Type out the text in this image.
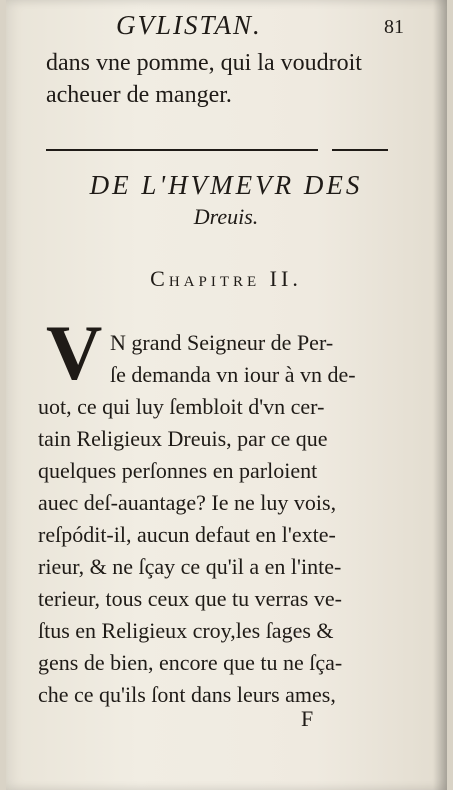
GVLISTAN.	81
dans vne pomme, qui la voudroit
acheuer de manger.
DE L'HVMEVR DES
Dreuis.
Chapitre II.
V N grand Seigneur de Per-
ſe demanda vn iour à vn de-
uot, ce qui luy ſembloit d'vn cer-
tain Religieux Dreuis, par ce que
quelques perſonnes en parloient
auec deſ-auantage? Ie ne luy vois,
reſpódit-il, aucun defaut en l'exte-
rieur, & ne ſçay ce qu'il a en l'inte-
terieur, tous ceux que tu verras ve-
ſtus en Religieux croy,les ſages &
gens de bien, encore que tu ne ſça-
che ce qu'ils ſont dans leurs ames,
F
